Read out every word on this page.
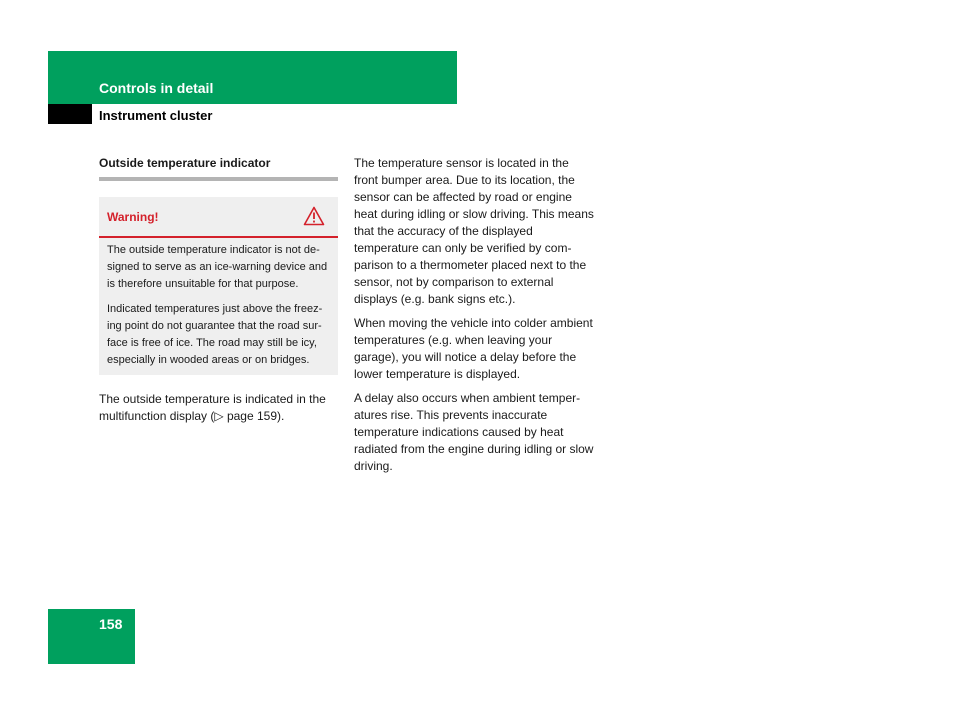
Controls in detail
Instrument cluster
Outside temperature indicator

Warning!

The outside temperature indicator is not de-signed to serve as an ice-warning device and is therefore unsuitable for that purpose.

Indicated temperatures just above the freez-ing point do not guarantee that the road sur-face is free of ice. The road may still be icy, especially in wooded areas or on bridges.

The outside temperature is indicated in the multifunction display (▷ page 159).

The temperature sensor is located in the front bumper area. Due to its location, the sensor can be affected by road or engine heat during idling or slow driving. This means that the accuracy of the displayed temperature can only be verified by com-parison to a thermometer placed next to the sensor, not by comparison to external displays (e.g. bank signs etc.).

When moving the vehicle into colder ambient temperatures (e.g. when leaving your garage), you will notice a delay before the lower temperature is displayed.

A delay also occurs when ambient temper-atures rise. This prevents inaccurate temperature indications caused by heat radiated from the engine during idling or slow driving.

158
